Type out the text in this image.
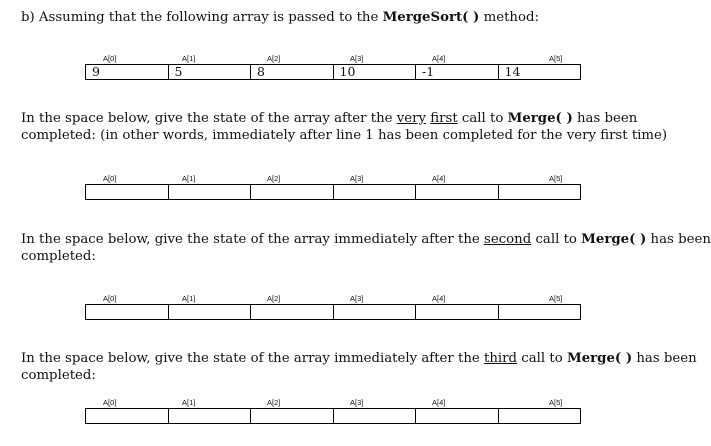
b) Assuming that the following array is passed to the MergeSort( ) method:
A[0]	A[1]	A[2]	A[3]	A[4]	A[5]
9	5	8	10	-1	14
In the space below, give the state of the array after the very first call to Merge( ) has been
completed: (in other words, immediately after line 1 has been completed for the very first time)
A[0]	A[1]	A[2]	A[3]	A[4]	A[5]
In the space below, give the state of the array immediately after the second call to Merge( ) has been
completed:
A[0]	A[1]	A[2]	A[3]	A[4]	A[5]
In the space below, give the state of the array immediately after the third call to Merge( ) has been
completed:
A[0]	A[1]	A[2]	A[3]	A[4]	A[5]
